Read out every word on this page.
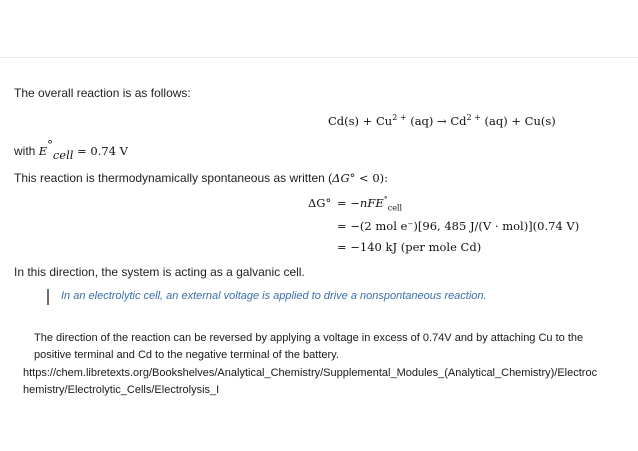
The overall reaction is as follows:
$Cd(s) + Cu^{2 +}$ $(aq) \to Cd^{2 +}$ (aq) + Cu(s)
with $E^\circ_{cell} = 0.74$ V
This reaction is thermodynamically spontaneous as written (ΔG° < 0):
ΔG° = −nFE°$_{cell}$
= −(2 mol e⁻)[96, 485 J/(V · mol)](0.74 V)
= −140 kJ (per mole Cd)
In this direction, the system is acting as a galvanic cell.
In an electrolytic cell, an external voltage is applied to drive a nonspontaneous reaction.
The direction of the reaction can be reversed by applying a voltage in excess of 0.74V and by attaching Cu to the positive terminal and Cd to the negative terminal of the battery.
https://chem.libretexts.org/Bookshelves/Analytical_Chemistry/Supplemental_Modules_(Analytical_Chemistry)/Electrochemistry/Electrolytic_Cells/Electrolysis_I
